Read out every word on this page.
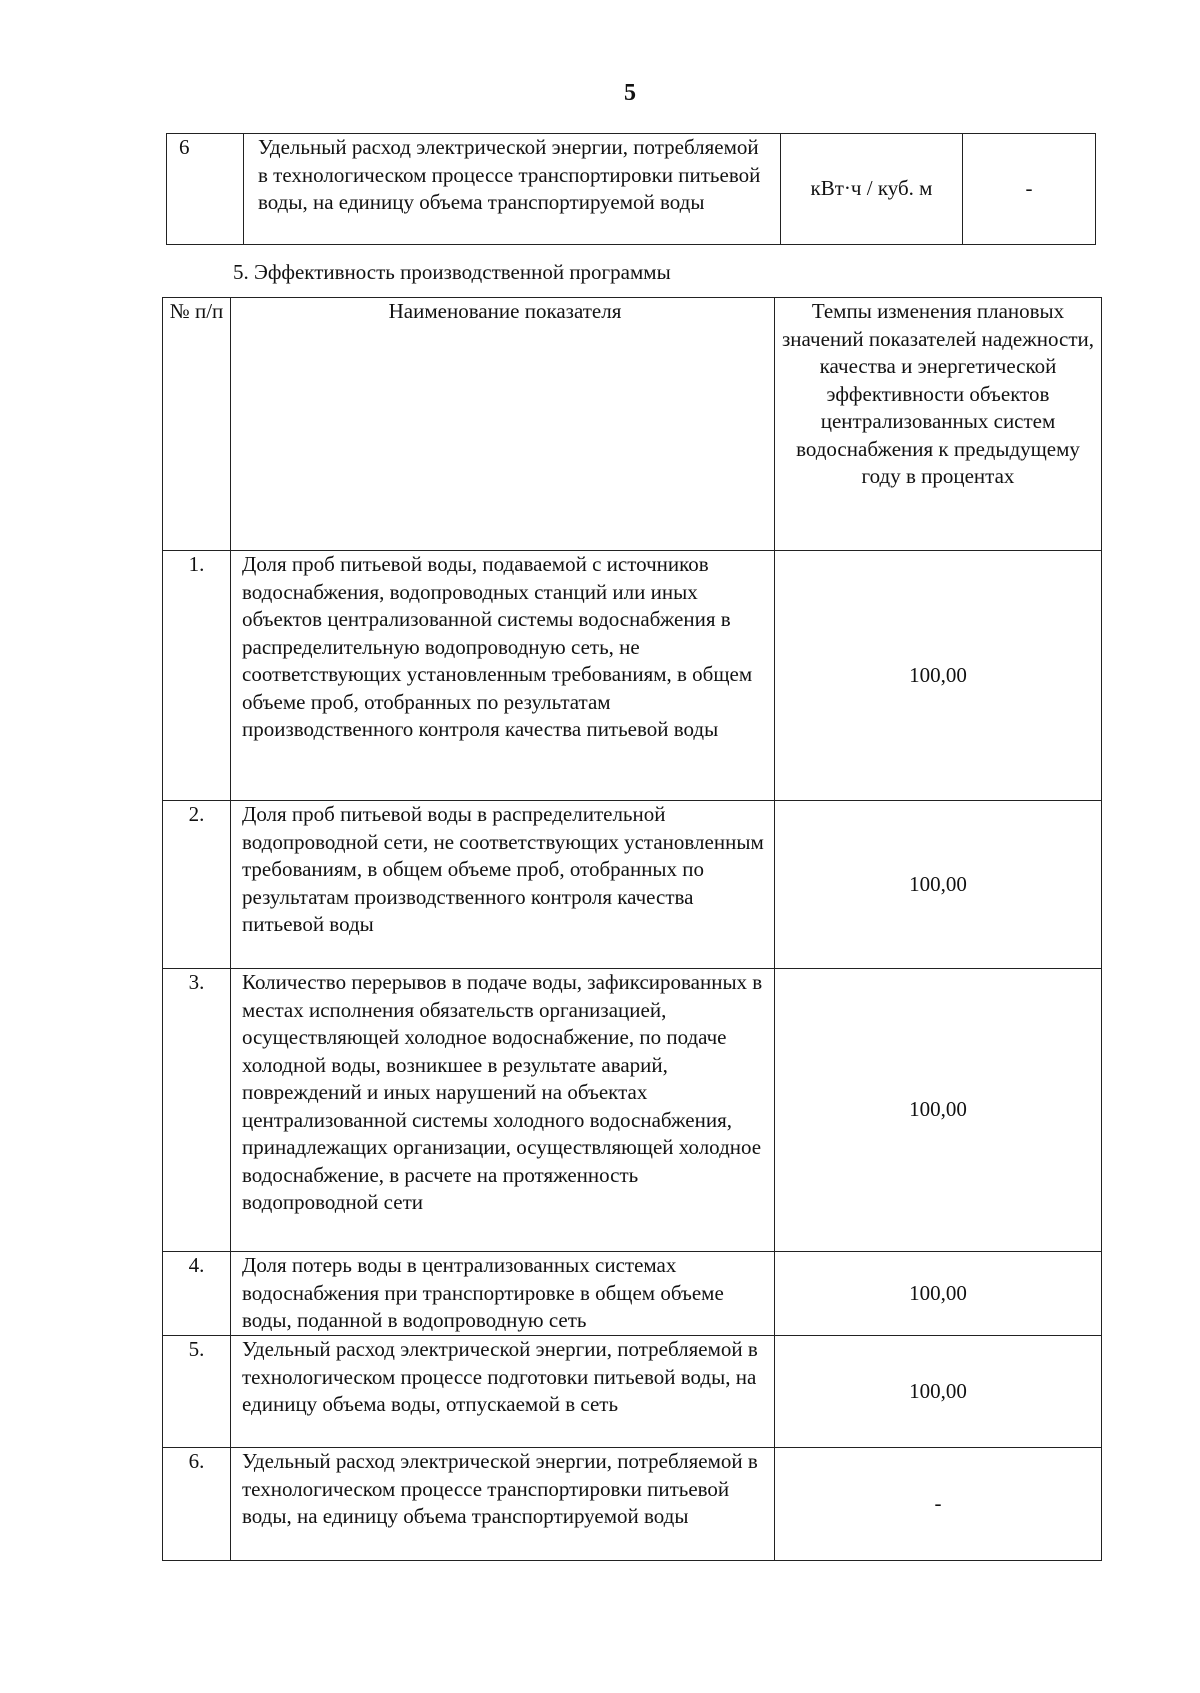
5
6	Удельный расход электрической энергии, потребляемой в технологическом процессе транспортировки питьевой воды, на единицу объема транспортируемой воды	кВт·ч / куб. м	-
5. Эффективность производственной программы
№ п/п	Наименование показателя	Темпы изменения плановых значений показателей надежности, качества и энергетической эффективности объектов централизованных систем водоснабжения к предыдущему году в процентах
1.	Доля проб питьевой воды, подаваемой с источников водоснабжения, водопроводных станций или иных объектов централизованной системы водоснабжения в распределительную водопроводную сеть, не соответствующих установленным требованиям, в общем объеме проб, отобранных по результатам производственного контроля качества питьевой воды	100,00
2.	Доля проб питьевой воды в распределительной водопроводной сети, не соответствующих установленным требованиям, в общем объеме проб, отобранных по результатам производственного контроля качества питьевой воды	100,00
3.	Количество перерывов в подаче воды, зафиксированных в местах исполнения обязательств организацией, осуществляющей холодное водоснабжение, по подаче холодной воды, возникшее в результате аварий, повреждений и иных нарушений на объектах централизованной системы холодного водоснабжения, принадлежащих организации, осуществляющей холодное водоснабжение, в расчете на протяженность водопроводной сети	100,00
4.	Доля потерь воды в централизованных системах водоснабжения при транспортировке в общем объеме воды, поданной в водопроводную сеть	100,00
5.	Удельный расход электрической энергии, потребляемой в технологическом процессе подготовки питьевой воды, на единицу объема воды, отпускаемой в сеть	100,00
6.	Удельный расход электрической энергии, потребляемой в технологическом процессе транспортировки питьевой воды, на единицу объема транспортируемой воды	-
